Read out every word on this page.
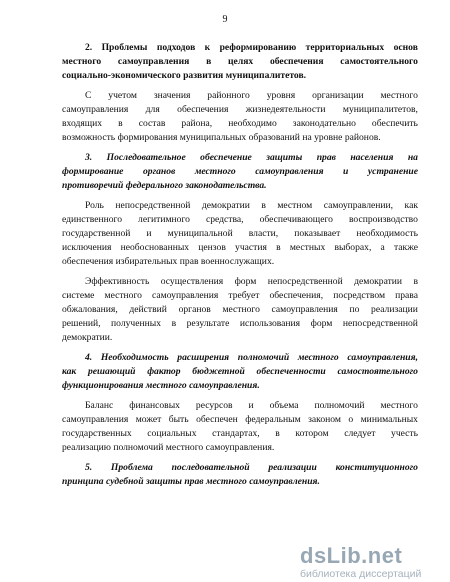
9
2. Проблемы подходов к реформированию территориальных основ
местного самоуправления в целях обеспечения самостоятельного
социально-экономического развития муниципалитетов.
С учетом значения районного уровня организации местного
самоуправления для обеспечения жизнедеятельности муниципалитетов,
входящих в состав района, необходимо законодательно обеспечить
возможность формирования муниципальных образований на уровне районов.
3. Последовательное обеспечение защиты прав населения на
формирование органов местного самоуправления и устранение
противоречий федерального законодательства.
Роль непосредственной демократии в местном самоуправлении, как
единственного легитимного средства, обеспечивающего воспроизводство
государственной и муниципальной власти, показывает необходимость
исключения необоснованных цензов участия в местных выборах, а также
обеспечения избирательных прав военнослужащих.
Эффективность осуществления форм непосредственной демократии в
системе местного самоуправления требует обеспечения, посредством права
обжалования, действий органов местного самоуправления по реализации
решений, полученных в результате использования форм непосредственной
демократии.
4. Необходимость расширения полномочий местного самоуправления,
как решающий фактор бюджетной обеспеченности самостоятельного
функционирования местного самоуправления.
Баланс финансовых ресурсов и объема полномочий местного
самоуправления может быть обеспечен федеральным законом о минимальных
государственных социальных стандартах, в котором следует учесть
реализацию полномочий местного самоуправления.
5. Проблема последовательной реализации конституционного
принципа судебной защиты прав местного самоуправления.
dsLib.net
библиотека диссертаций
